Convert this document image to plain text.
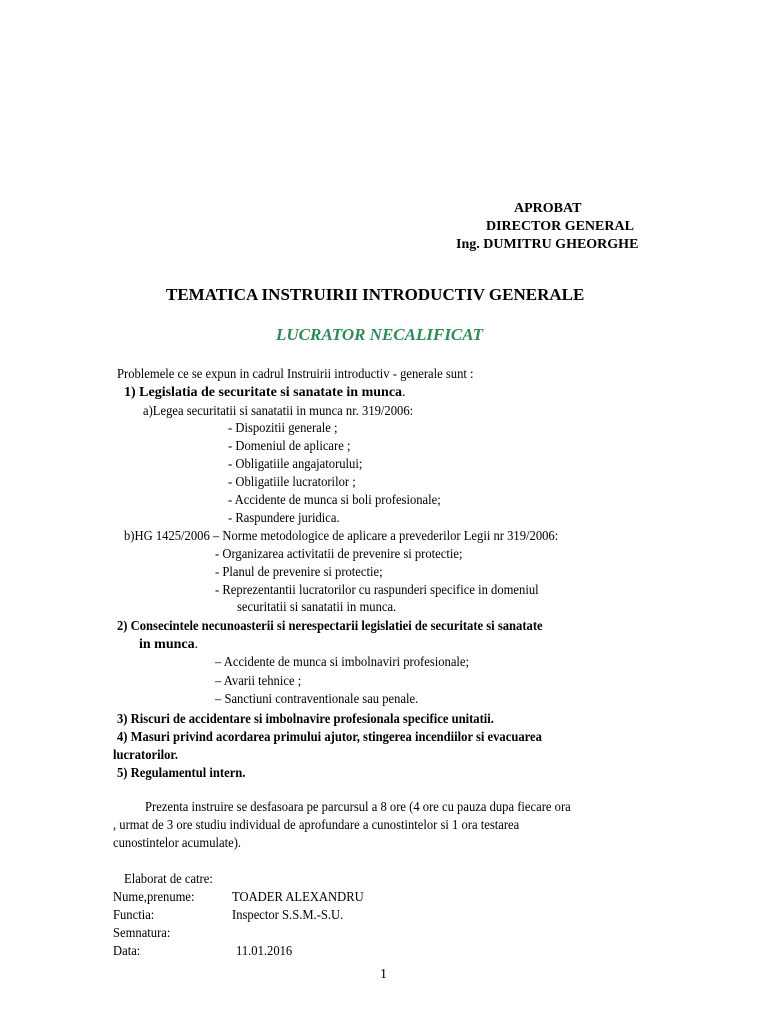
APROBAT
DIRECTOR GENERAL
Ing. DUMITRU GHEORGHE
TEMATICA INSTRUIRII INTRODUCTIV GENERALE
LUCRATOR NECALIFICAT
Problemele ce se expun in cadrul Instruirii introductiv - generale sunt :
1) Legislatia de securitate si sanatate in munca.
a)Legea securitatii si sanatatii in munca nr. 319/2006:
- Dispozitii generale ;
- Domeniul de aplicare ;
- Obligatiile angajatorului;
- Obligatiile lucratorilor ;
- Accidente de munca si boli profesionale;
- Raspundere juridica.
b)HG 1425/2006 – Norme metodologice de aplicare a prevederilor Legii nr 319/2006:
- Organizarea activitatii de prevenire si protectie;
- Planul de prevenire si protectie;
- Reprezentantii lucratorilor cu raspunderi specifice in domeniul
securitatii si sanatatii in munca.
2) Consecintele necunoasterii si nerespectarii legislatiei de securitate si sanatate
in munca.
– Accidente de munca si imbolnaviri profesionale;
– Avarii tehnice ;
– Sanctiuni contraventionale sau penale.
3) Riscuri de accidentare si imbolnavire profesionala specifice unitatii.
4) Masuri privind acordarea primului ajutor, stingerea incendiilor si evacuarea
lucratorilor.
5) Regulamentul intern.
Prezenta instruire se desfasoara pe parcursul a 8 ore (4 ore cu pauza dupa fiecare ora
, urmat de 3 ore studiu individual de aprofundare a cunostintelor si 1 ora testarea
cunostintelor acumulate).
Elaborat de catre:
Nume,prenume:	TOADER ALEXANDRU
Functia:	Inspector S.S.M.-S.U.
Semnatura:
Data:	11.01.2016
1
